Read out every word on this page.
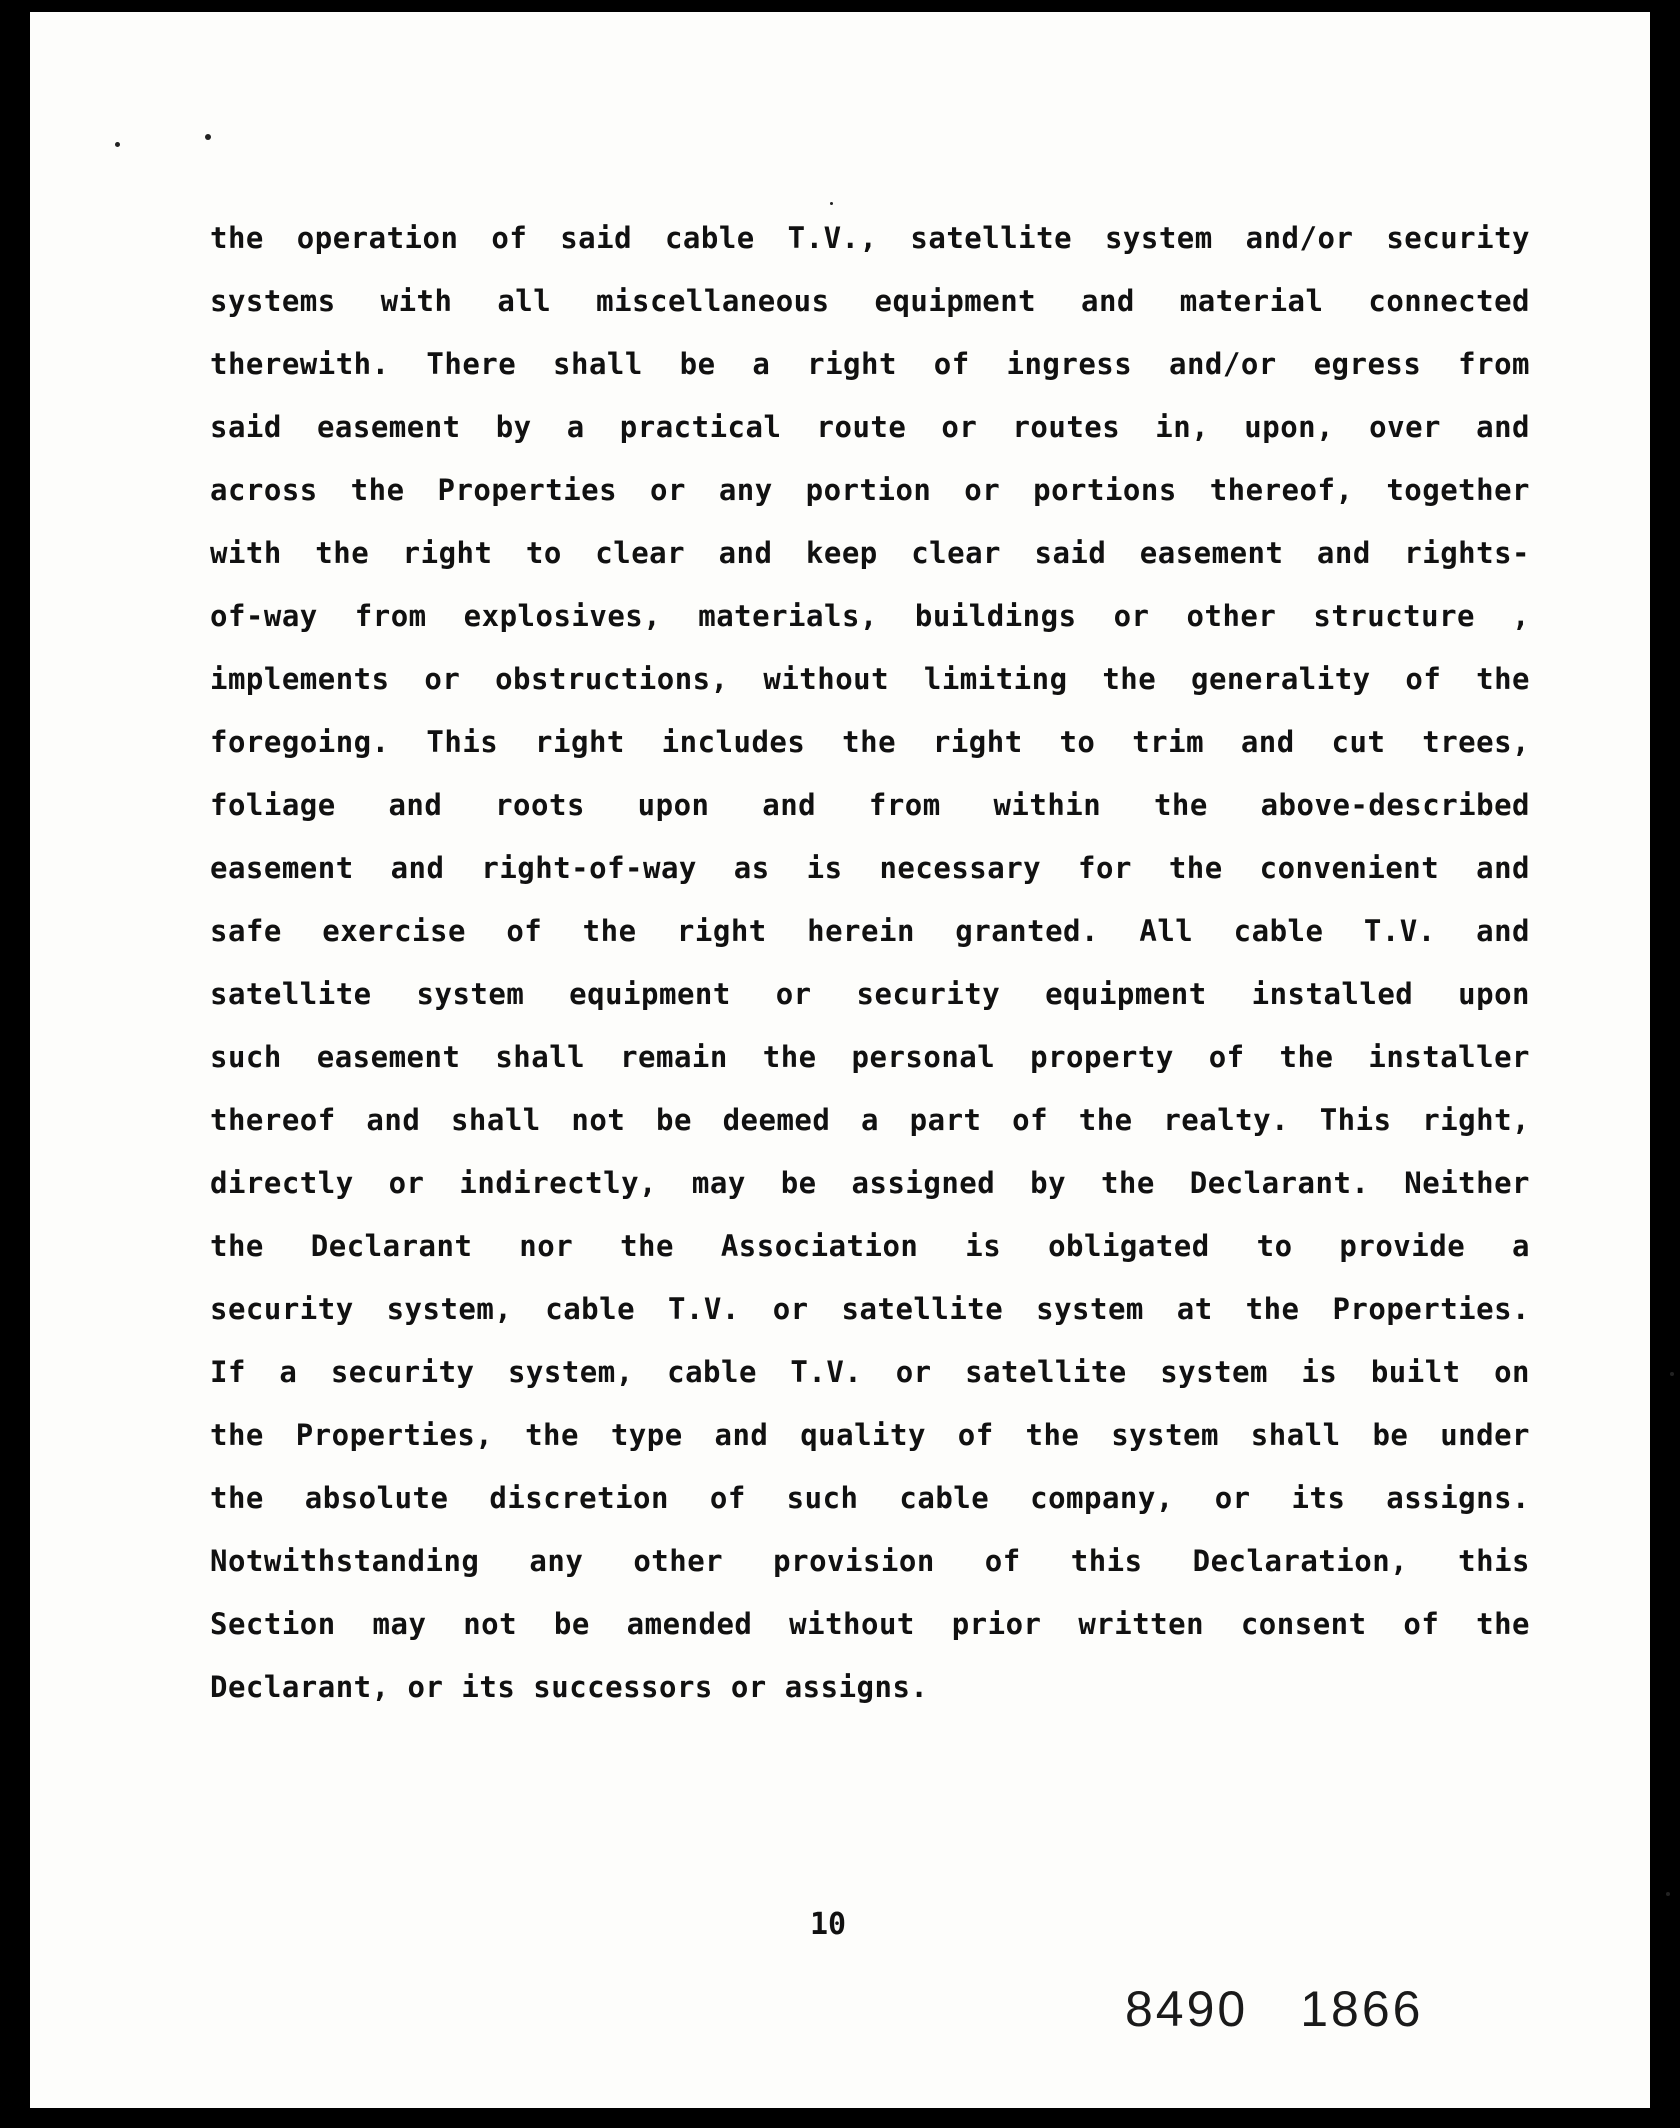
the operation of said cable T.V., satellite system and/or security
systems with all miscellaneous equipment and material connected
therewith. There shall be a right of ingress and/or egress from
said easement by a practical route or routes in, upon, over and
across the Properties or any portion or portions thereof, together
with the right to clear and keep clear said easement and rights-
of-way from explosives, materials, buildings or other structure ,
implements or obstructions, without limiting the generality of the
foregoing. This right includes the right to trim and cut trees,
foliage and roots upon and from within the above-described
easement and right-of-way as is necessary for the convenient and
safe exercise of the right herein granted. All cable T.V. and
satellite system equipment or security equipment installed upon
such easement shall remain the personal property of the installer
thereof and shall not be deemed a part of the realty. This right,
directly or indirectly, may be assigned by the Declarant. Neither
the Declarant nor the Association is obligated to provide a
security system, cable T.V. or satellite system at the Properties.
If a security system, cable T.V. or satellite system is built on
the Properties, the type and quality of the system shall be under
the absolute discretion of such cable company, or its assigns.
Notwithstanding any other provision of this Declaration, this
Section may not be amended without prior written consent of the
Declarant, or its successors or assigns.
10
8490 1866
